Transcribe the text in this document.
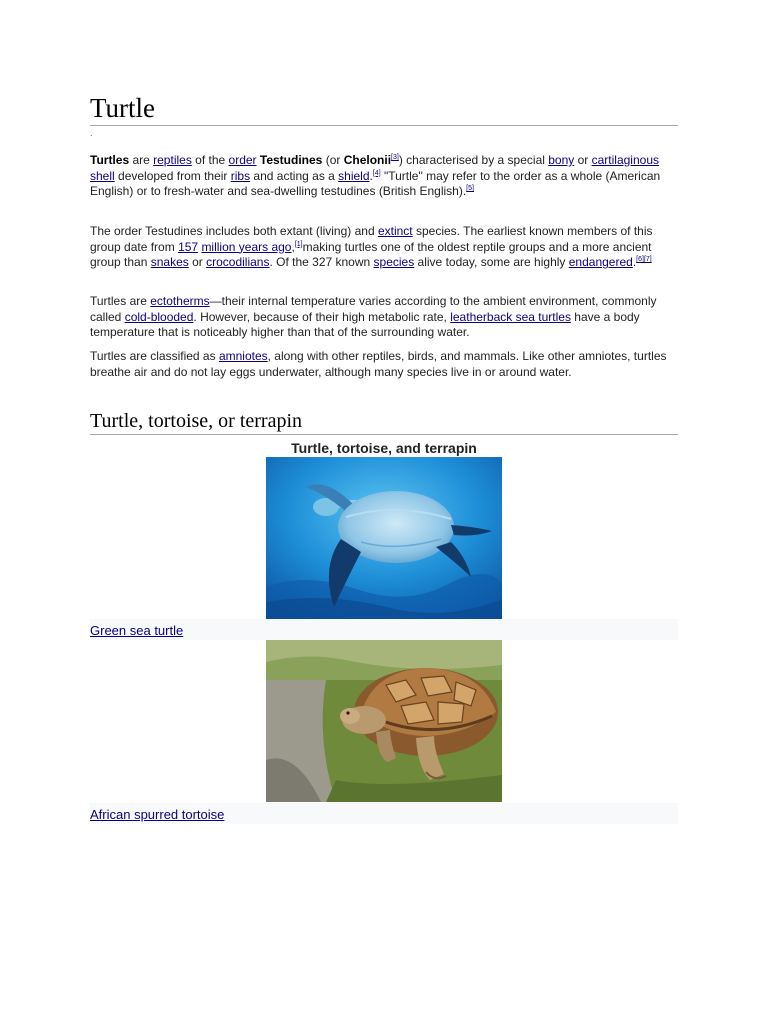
Turtle
.

Turtles are reptiles of the order Testudines (or Chelonii[3]) characterised by a special bony or cartilaginous shell developed from their ribs and acting as a shield.[4] "Turtle" may refer to the order as a whole (American English) or to fresh-water and sea-dwelling testudines (British English).[5]

The order Testudines includes both extant (living) and extinct species. The earliest known members of this group date from 157 million years ago,[1]making turtles one of the oldest reptile groups and a more ancient group than snakes or crocodilians. Of the 327 known species alive today, some are highly endangered.[6][7]

Turtles are ectotherms—their internal temperature varies according to the ambient environment, commonly called cold-blooded. However, because of their high metabolic rate, leatherback sea turtles have a body temperature that is noticeably higher than that of the surrounding water.

Turtles are classified as amniotes, along with other reptiles, birds, and mammals. Like other amniotes, turtles breathe air and do not lay eggs underwater, although many species live in or around water.

Turtle, tortoise, or terrapin
Turtle, tortoise, and terrapin
Green sea turtle
African spurred tortoise
